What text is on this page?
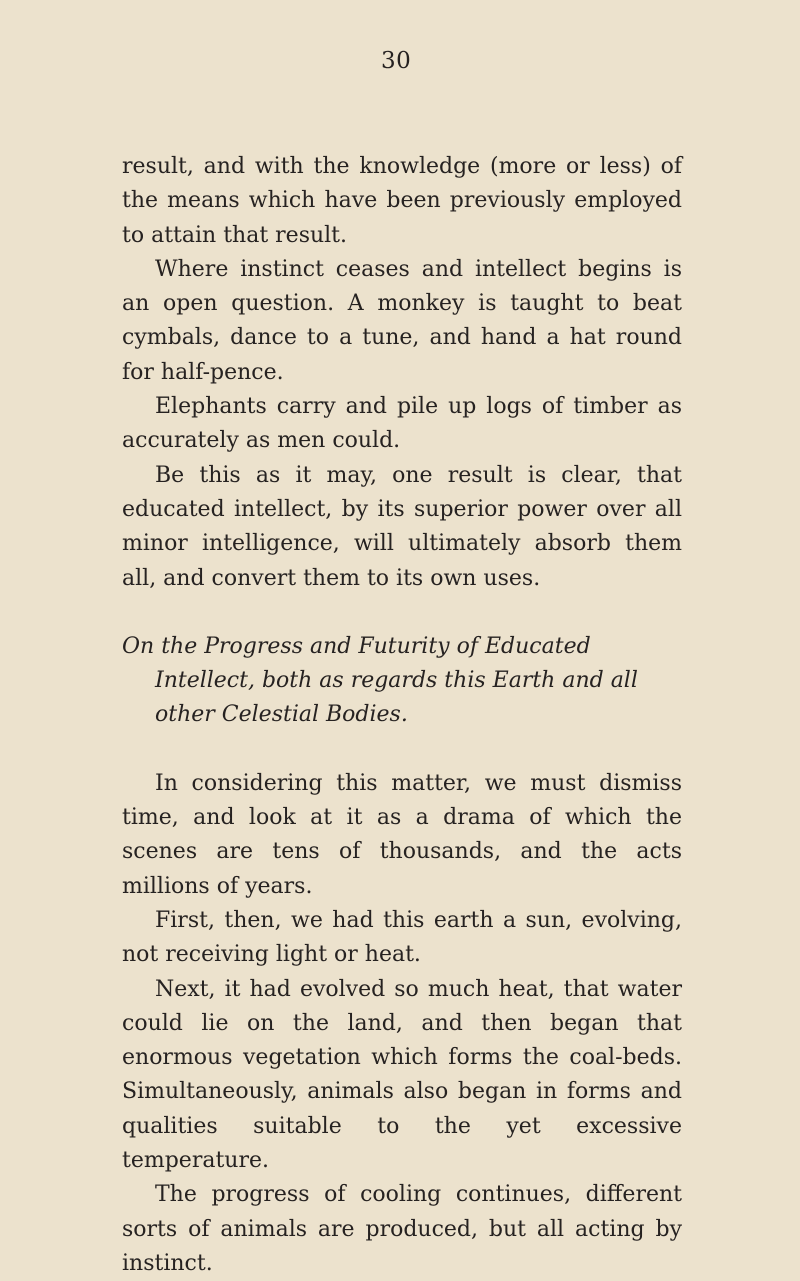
30

result, and with the knowledge (more or less) of the means which have been previously employed to attain that result.

Where instinct ceases and intellect begins is an open question. A monkey is taught to beat cymbals, dance to a tune, and hand a hat round for half-pence.

Elephants carry and pile up logs of timber as accurately as men could.

Be this as it may, one result is clear, that educated intellect, by its superior power over all minor intelligence, will ultimately absorb them all, and convert them to its own uses.

On the Progress and Futurity of Educated Intellect, both as regards this Earth and all other Celestial Bodies.

In considering this matter, we must dismiss time, and look at it as a drama of which the scenes are tens of thousands, and the acts millions of years.

First, then, we had this earth a sun, evolving, not receiving light or heat.

Next, it had evolved so much heat, that water could lie on the land, and then began that enormous vegetation which forms the coal-beds. Simultaneously, animals also began in forms and qualities suitable to the yet excessive temperature.

The progress of cooling continues, different sorts of animals are produced, but all acting by instinct.
